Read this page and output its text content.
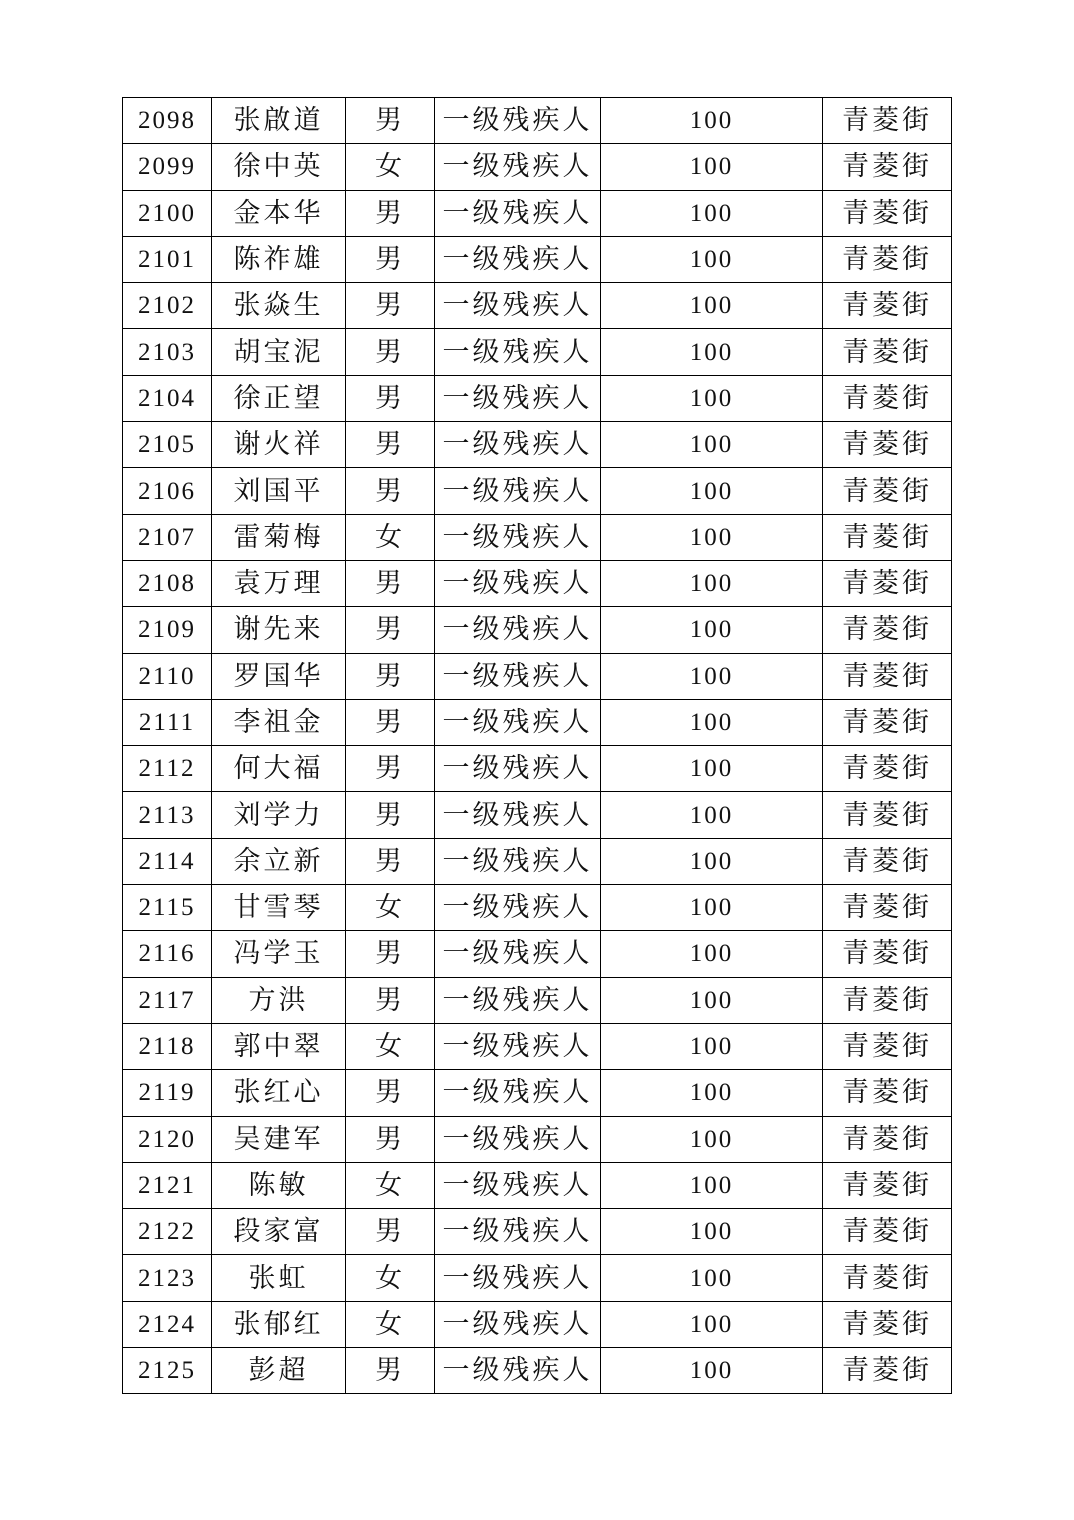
2098	张啟道	男	一级残疾人	100	青菱街
2099	徐中英	女	一级残疾人	100	青菱街
2100	金本华	男	一级残疾人	100	青菱街
2101	陈祚雄	男	一级残疾人	100	青菱街
2102	张焱生	男	一级残疾人	100	青菱街
2103	胡宝泥	男	一级残疾人	100	青菱街
2104	徐正望	男	一级残疾人	100	青菱街
2105	谢火祥	男	一级残疾人	100	青菱街
2106	刘国平	男	一级残疾人	100	青菱街
2107	雷菊梅	女	一级残疾人	100	青菱街
2108	袁万理	男	一级残疾人	100	青菱街
2109	谢先来	男	一级残疾人	100	青菱街
2110	罗国华	男	一级残疾人	100	青菱街
2111	李祖金	男	一级残疾人	100	青菱街
2112	何大福	男	一级残疾人	100	青菱街
2113	刘学力	男	一级残疾人	100	青菱街
2114	余立新	男	一级残疾人	100	青菱街
2115	甘雪琴	女	一级残疾人	100	青菱街
2116	冯学玉	男	一级残疾人	100	青菱街
2117	方洪	男	一级残疾人	100	青菱街
2118	郭中翠	女	一级残疾人	100	青菱街
2119	张红心	男	一级残疾人	100	青菱街
2120	吴建军	男	一级残疾人	100	青菱街
2121	陈敏	女	一级残疾人	100	青菱街
2122	段家富	男	一级残疾人	100	青菱街
2123	张虹	女	一级残疾人	100	青菱街
2124	张郁红	女	一级残疾人	100	青菱街
2125	彭超	男	一级残疾人	100	青菱街
